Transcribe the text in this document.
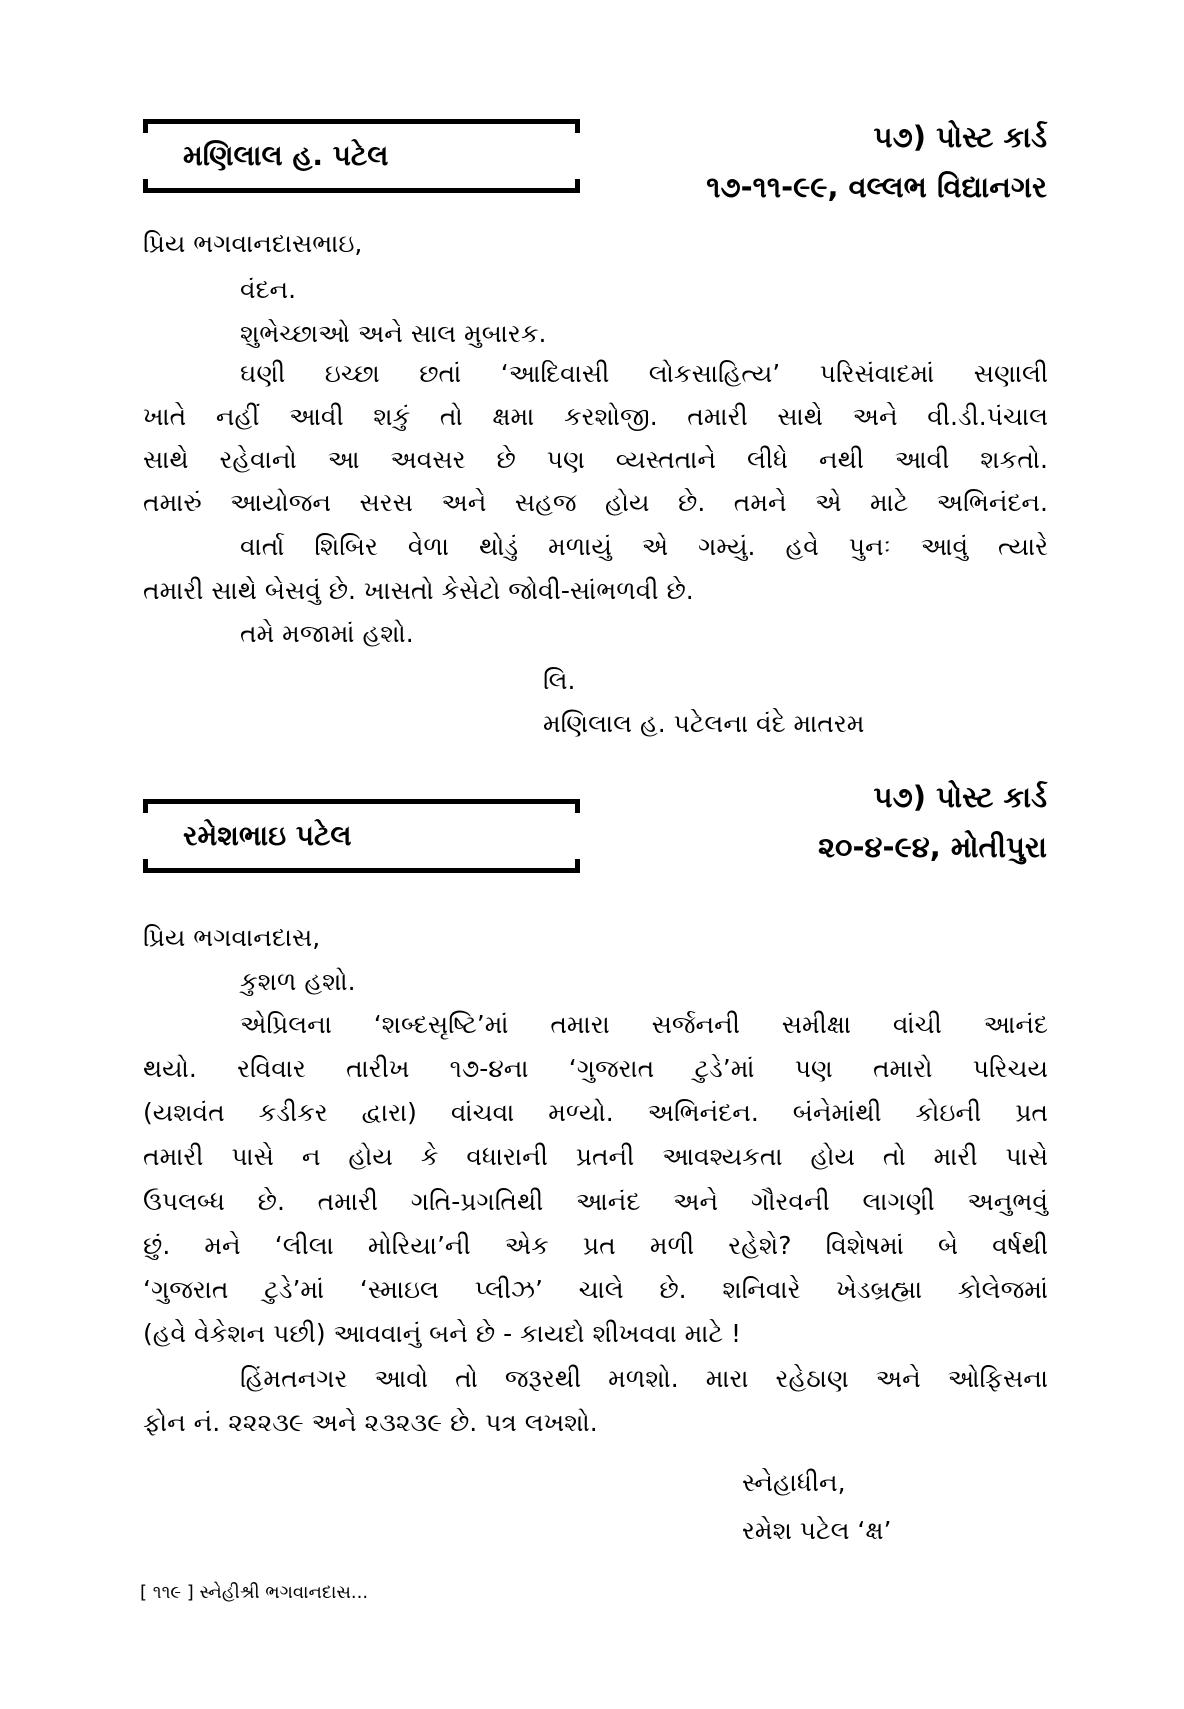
મણિલાલ હ. પટેલ
૫૭) પોસ્ટ કાર્ડ
૧૭-૧૧-૯૯, વલ્લભ વિદ્યાનગર
પ્રિય ભગવાનદાસભાઇ,
વંદન.
શુભેચ્છાઓ અને સાલ મુબારક.
ઘણી ઇચ્છા છતાં ‘આદિવાસી લોકસાહિત્ય’ પરિસંવાદમાં સણાલી
ખાતે નહીં આવી શકું તો ક્ષમા કરશોજી. તમારી સાથે અને વી.ડી.પંચાલ
સાથે રહેવાનો આ અવસર છે પણ વ્યસ્તતાને લીધે નથી આવી શકતો.
તમારું આયોજન સરસ અને સહજ હોય છે. તમને એ માટે અભિનંદન.
વાર્તા શિબિર વેળા થોડું મળાયું એ ગમ્યું. હવે પુનઃ આવું ત્યારે
તમારી સાથે બેસવું છે. ખાસતો કેસેટો જોવી-સાંભળવી છે.
તમે મજામાં હશો.
લિ.
મણિલાલ હ. પટેલના વંદે માતરમ
રમેશભાઇ પટેલ
૫૭) પોસ્ટ કાર્ડ
૨૦-૪-૯૪, મોતીપુરા
પ્રિય ભગવાનદાસ,
કુશળ હશો.
એપ્રિલના ‘શબ્દસૃષ્ટિ’માં તમારા સર્જનની સમીક્ષા વાંચી આનંદ
થયો. રવિવાર તારીખ ૧૭-૪ના ‘ગુજરાત ટુડે’માં પણ તમારો પરિચય
(યશવંત કડીકર દ્વારા) વાંચવા મળ્યો. અભિનંદન. બંનેમાંથી કોઇની પ્રત
તમારી પાસે ન હોય કે વધારાની પ્રતની આવશ્યકતા હોય તો મારી પાસે
ઉપલબ્ધ છે. તમારી ગતિ-પ્રગતિથી આનંદ અને ગૌરવની લાગણી અનુભવું
છું. મને ‘લીલા મોરિયા’ની એક પ્રત મળી રહેશે? વિશેષમાં બે વર્ષથી
‘ગુજરાત ટુડે’માં ‘સ્માઇલ પ્લીઝ’ ચાલે છે. શનિવારે ખેડબ્રહ્મા કોલેજમાં
(હવે વેકેશન પછી) આવવાનું બને છે - કાયદો શીખવવા માટે !
હિંમતનગર આવો તો જરૂરથી મળશો. મારા રહેઠાણ અને ઓફિસના
ફોન નં. ૨૨૨૩૯ અને ૨૩૨૩૯ છે. પત્ર લખશો.
સ્નેહાધીન,
રમેશ પટેલ ‘ક્ષ’
[ ૧૧૯ ] સ્નેહીશ્રી ભગવાનદાસ...
